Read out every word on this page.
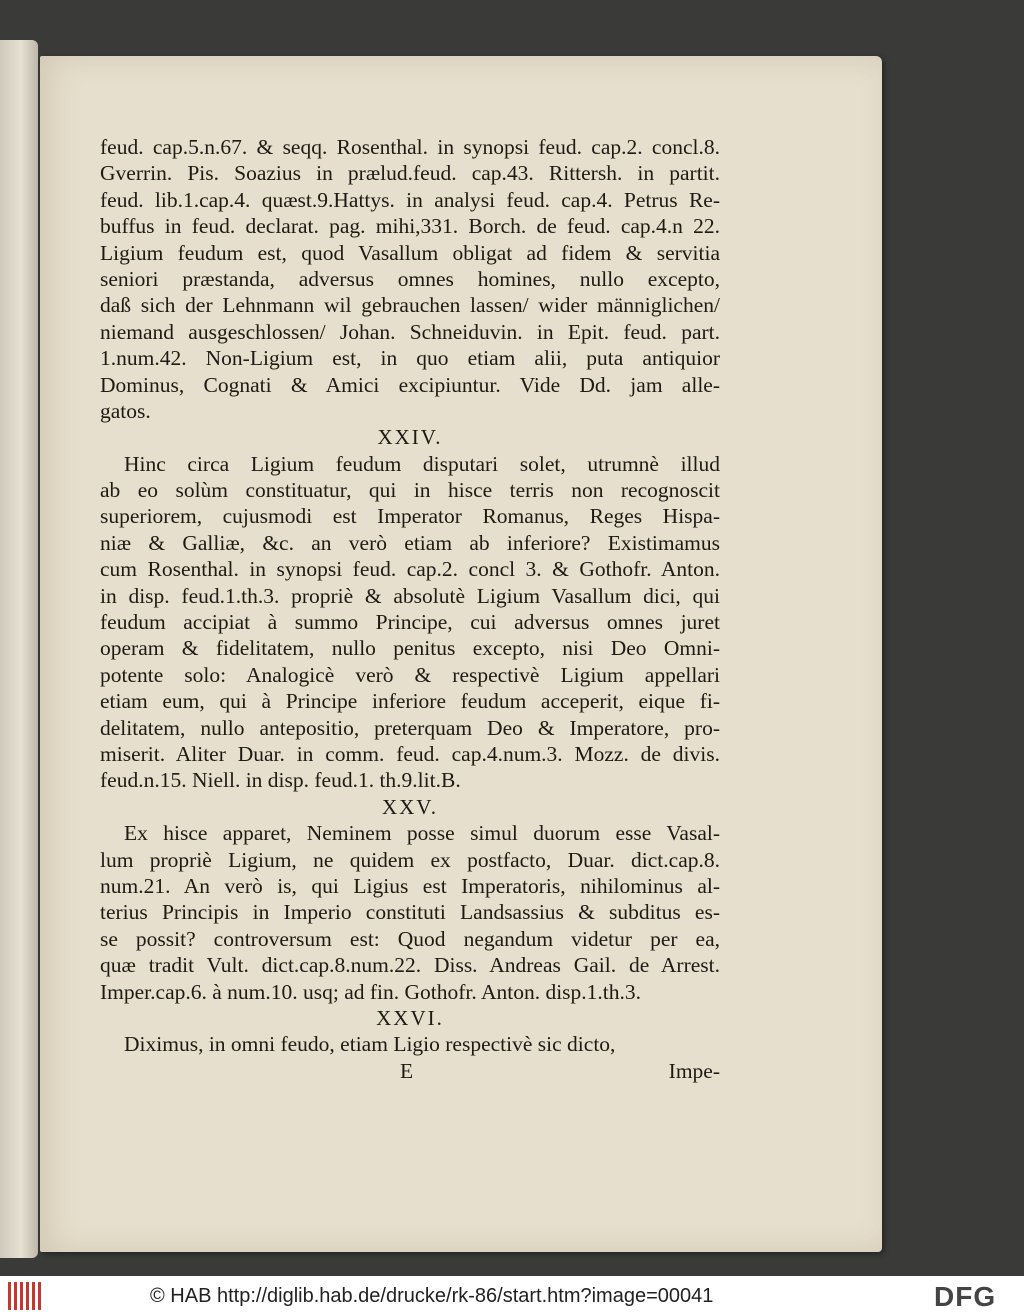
feud. cap.5.n.67. & seqq. Rosenthal. in synopsi feud. cap.2. concl.8.
Gverrin. Pis. Soazius in prælud.feud. cap.43. Rittersh. in partit.
feud. lib.1.cap.4. quæst.9.Hattys. in analysi feud. cap.4. Petrus Re-
buffus in feud. declarat. pag. mihi,331. Borch. de feud. cap.4.n 22.
Ligium feudum est, quod Vasallum obligat ad fidem & servitia
seniori præstanda, adversus omnes homines, nullo excepto,
daß sich der Lehnmann wil gebrauchen lassen/ wider männiglichen/
niemand ausgeschlossen/ Johan. Schneiduvin. in Epit. feud. part.
1.num.42. Non-Ligium est, in quo etiam alii, puta antiquior
Dominus, Cognati & Amici excipiuntur. Vide Dd. jam alle-
gatos.
XXIV.
Hinc circa Ligium feudum disputari solet, utrumnè illud
ab eo solùm constituatur, qui in hisce terris non recognoscit
superiorem, cujusmodi est Imperator Romanus, Reges Hispa-
niæ & Galliæ, &c. an verò etiam ab inferiore? Existimamus
cum Rosenthal. in synopsi feud. cap.2. concl 3. & Gothofr. Anton.
in disp. feud.1.th.3. propriè & absolutè Ligium Vasallum dici, qui
feudum accipiat à summo Principe, cui adversus omnes juret
operam & fidelitatem, nullo penitus excepto, nisi Deo Omni-
potente solo: Analogicè verò & respectivè Ligium appellari
etiam eum, qui à Principe inferiore feudum acceperit, eique fi-
delitatem, nullo antepositio, preterquam Deo & Imperatore, pro-
miserit. Aliter Duar. in comm. feud. cap.4.num.3. Mozz. de divis.
feud.n.15. Niell. in disp. feud.1. th.9.lit.B.
XXV.
Ex hisce apparet, Neminem posse simul duorum esse Vasal-
lum propriè Ligium, ne quidem ex postfacto, Duar. dict.cap.8.
num.21. An verò is, qui Ligius est Imperatoris, nihilominus al-
terius Principis in Imperio constituti Landsassius & subditus es-
se possit? controversum est: Quod negandum videtur per ea,
quæ tradit Vult. dict.cap.8.num.22. Diss. Andreas Gail. de Arrest.
Imper.cap.6. à num.10. usq; ad fin. Gothofr. Anton. disp.1.th.3.
XXVI.
Diximus, in omni feudo, etiam Ligio respectivè sic dicto,
E	Impe-
© HAB http://diglib.hab.de/drucke/rk-86/start.htm?image=00041	DFG
